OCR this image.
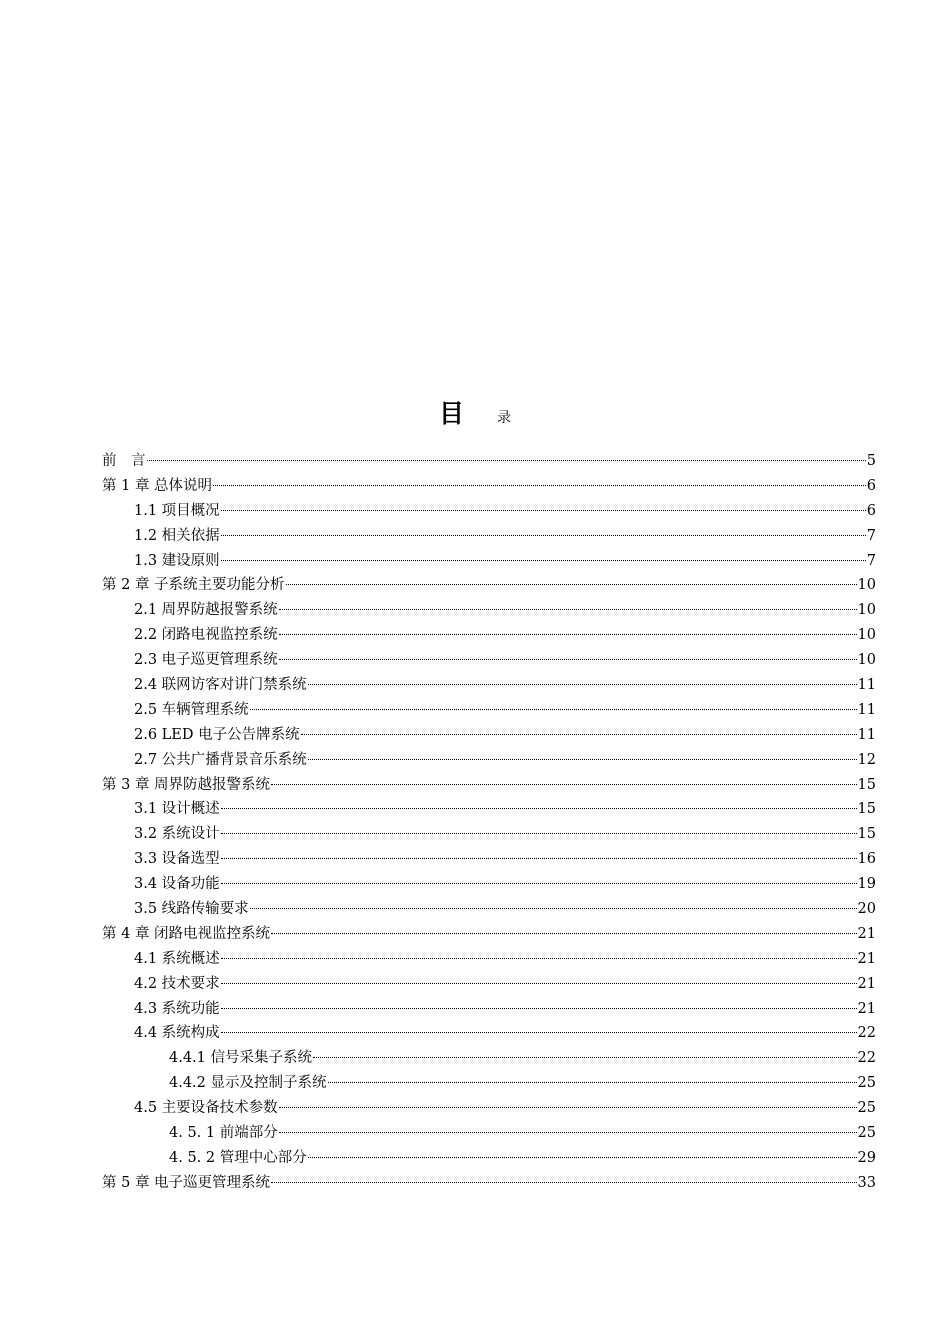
目 录
前　言	5
第 1 章 总体说明	6
1.1 项目概况	6
1.2 相关依据	7
1.3 建设原则	7
第 2 章 子系统主要功能分析	10
2.1 周界防越报警系统	10
2.2 闭路电视监控系统	10
2.3 电子巡更管理系统	10
2.4 联网访客对讲门禁系统	11
2.5 车辆管理系统	11
2.6 LED 电子公告牌系统	11
2.7 公共广播背景音乐系统	12
第 3 章 周界防越报警系统	15
3.1 设计概述	15
3.2 系统设计	15
3.3 设备选型	16
3.4 设备功能	19
3.5 线路传输要求	20
第 4 章 闭路电视监控系统	21
4.1 系统概述	21
4.2 技术要求	21
4.3 系统功能	21
4.4 系统构成	22
4.4.1 信号采集子系统	22
4.4.2 显示及控制子系统	25
4.5 主要设备技术参数	25
4. 5. 1 前端部分	25
4. 5. 2 管理中心部分	29
第 5 章 电子巡更管理系统	33
